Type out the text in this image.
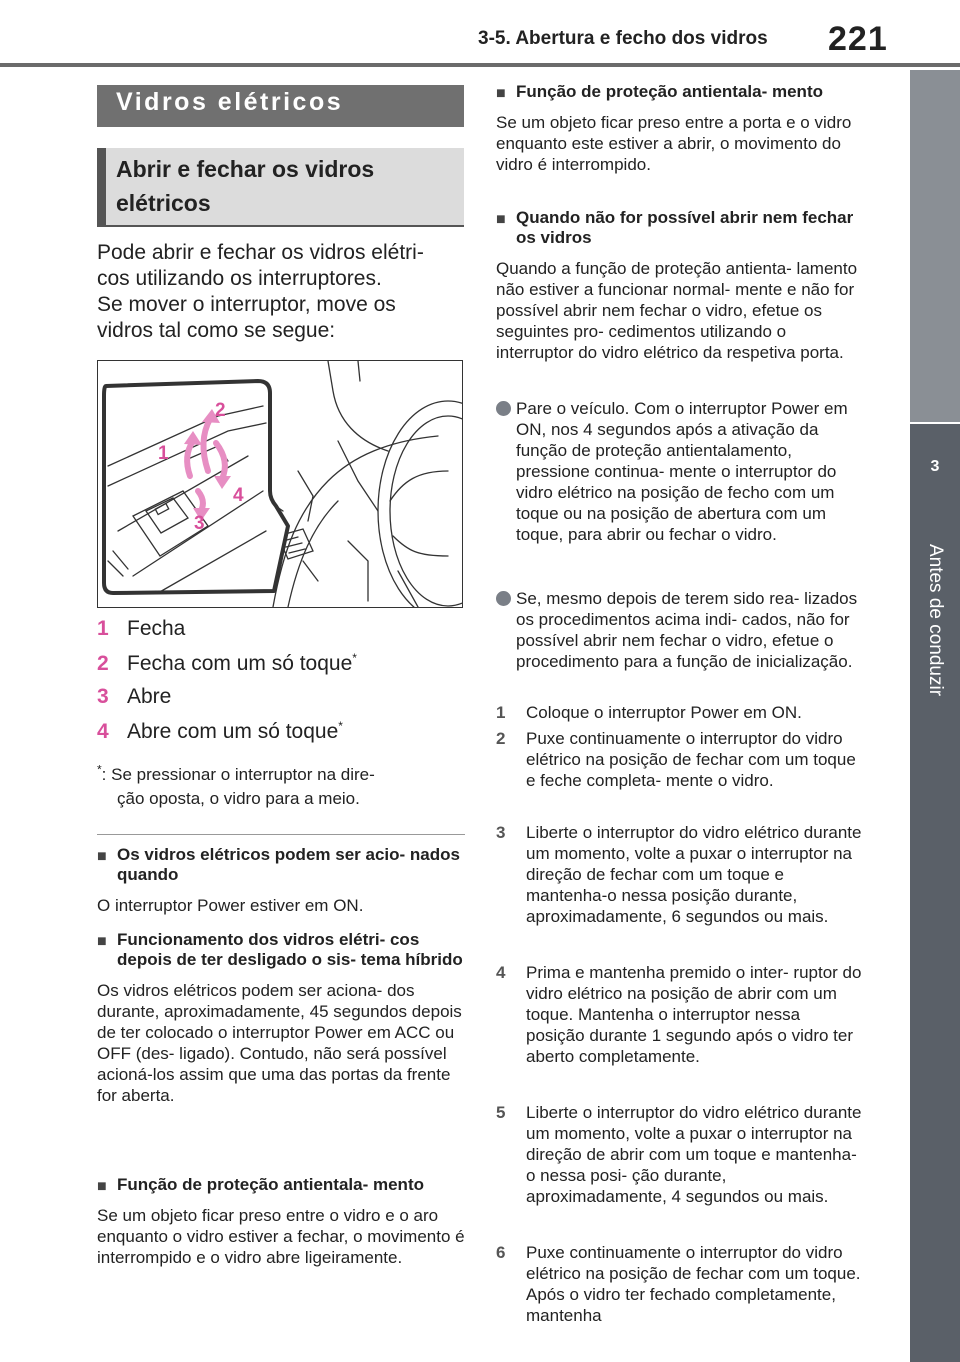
3-5. Abertura e fecho dos vidros 221
3
Antes de conduzir
Vidros elétricos
Abrir e fechar os vidros elétricos
Pode abrir e fechar os vidros elétri-
cos utilizando os interruptores.
Se mover o interruptor, move os
vidros tal como se segue:
1
2
3
4
1 Fecha
2 Fecha com um só toque*
3 Abre
4 Abre com um só toque*
*: Se pressionar o interruptor na dire-
ção oposta, o vidro para a meio.
■ Os vidros elétricos podem ser acio- nados quando
O interruptor Power estiver em ON.
■ Funcionamento dos vidros elétri- cos depois de ter desligado o sis- tema híbrido
Os vidros elétricos podem ser aciona- dos durante, aproximadamente, 45 segundos depois de ter colocado o interruptor Power em ACC ou OFF (des- ligado). Contudo, não será possível acioná-los assim que uma das portas da frente for aberta.
■ Função de proteção antientala- mento
Se um objeto ficar preso entre o vidro e o aro enquanto o vidro estiver a fechar, o movimento é interrompido e o vidro abre ligeiramente.
■ Função de proteção antientala- mento
Se um objeto ficar preso entre a porta e o vidro enquanto este estiver a abrir, o movimento do vidro é interrompido.
■ Quando não for possível abrir nem fechar os vidros
Quando a função de proteção antienta- lamento não estiver a funcionar normal- mente e não for possível abrir nem fechar o vidro, efetue os seguintes pro- cedimentos utilizando o interruptor do vidro elétrico da respetiva porta.
Pare o veículo. Com o interruptor Power em ON, nos 4 segundos após a ativação da função de proteção antientalamento, pressione continua- mente o interruptor do vidro elétrico na posição de fecho com um toque ou na posição de abertura com um toque, para abrir ou fechar o vidro.
Se, mesmo depois de terem sido rea- lizados os procedimentos acima indi- cados, não for possível abrir nem fechar o vidro, efetue o procedimento para a função de inicialização.
1 Coloque o interruptor Power em ON.
2 Puxe continuamente o interruptor do vidro elétrico na posição de fechar com um toque e feche completa- mente o vidro.
3 Liberte o interruptor do vidro elétrico durante um momento, volte a puxar o interruptor na direção de fechar com um toque e mantenha-o nessa posição durante, aproximadamente, 6 segundos ou mais.
4 Prima e mantenha premido o inter- ruptor do vidro elétrico na posição de abrir com um toque. Mantenha o interruptor nessa posição durante 1 segundo após o vidro ter aberto completamente.
5 Liberte o interruptor do vidro elétrico durante um momento, volte a puxar o interruptor na direção de abrir com um toque e mantenha-o nessa posi- ção durante, aproximadamente, 4 segundos ou mais.
6 Puxe continuamente o interruptor do vidro elétrico na posição de fechar com um toque. Após o vidro ter fechado completamente, mantenha
